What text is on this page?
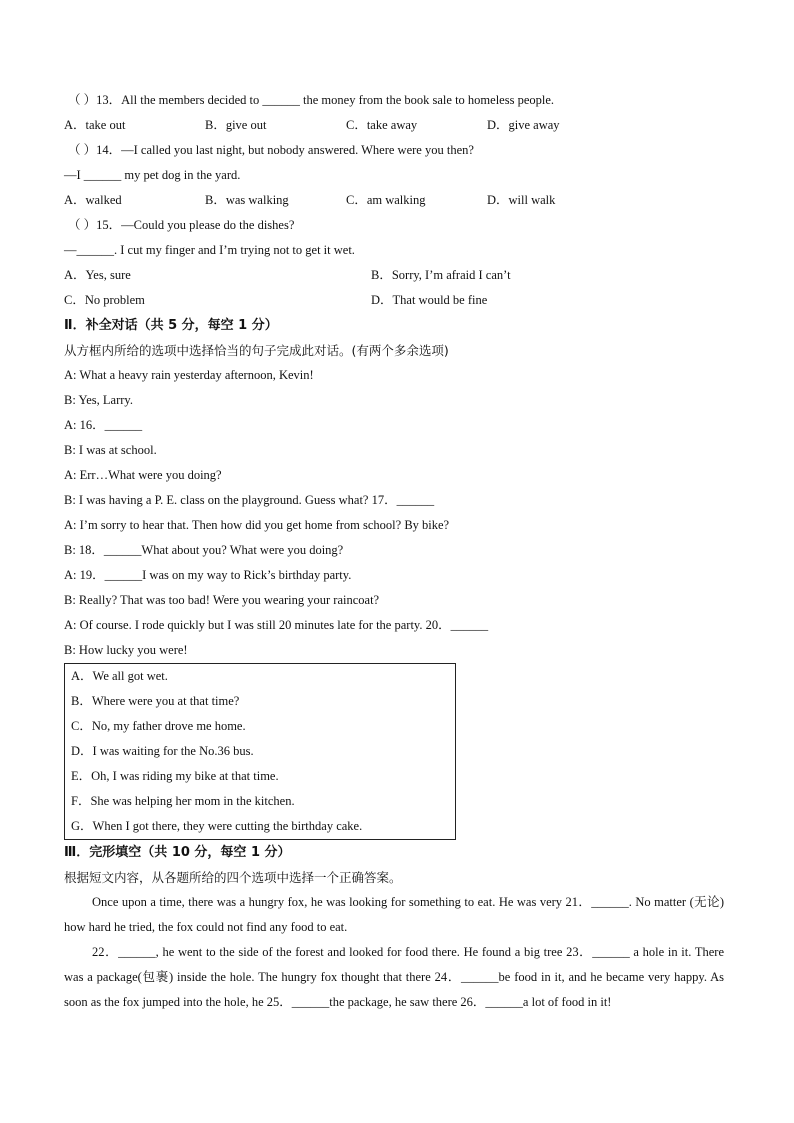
（ ）13．All the members decided to ______ the money from the book sale to homeless people.
A．take out	B．give out	C．take away	D．give away
（ ）14．—I called you last night, but nobody answered. Where were you then?
—I ______ my pet dog in the yard.
A．walked	B．was walking	C．am walking	D．will walk
（ ）15．—Could you please do the dishes?
—______. I cut my finger and I’m trying not to get it wet.
A．Yes, sure	B．Sorry, I’m afraid I can’t
C．No problem	D．That would be fine
Ⅱ．补全对话（共 5 分，每空 1 分）
从方框内所给的选项中选择恰当的句子完成此对话。(有两个多余选项)
A: What a heavy rain yesterday afternoon, Kevin!
B: Yes, Larry.
A: 16．______
B: I was at school.
A: Err…What were you doing?
B: I was having a P. E. class on the playground. Guess what? 17．______
A: I’m sorry to hear that. Then how did you get home from school? By bike?
B: 18．______What about you? What were you doing?
A: 19．______I was on my way to Rick’s birthday party.
B: Really? That was too bad! Were you wearing your raincoat?
A: Of course. I rode quickly but I was still 20 minutes late for the party. 20．______
B: How lucky you were!
A．We all got wet.
B．Where were you at that time?
C．No, my father drove me home.
D．I was waiting for the No.36 bus.
E．Oh, I was riding my bike at that time.
F．She was helping her mom in the kitchen.
G．When I got there, they were cutting the birthday cake.
Ⅲ．完形填空（共 10 分，每空 1 分）
根据短文内容，从各题所给的四个选项中选择一个正确答案。
Once upon a time, there was a hungry fox, he was looking for something to eat. He was very 21．______. No matter (无论) how hard he tried, the fox could not find any food to eat.
22．______, he went to the side of the forest and looked for food there. He found a big tree 23．______ a hole in it. There was a package(包裹) inside the hole. The hungry fox thought that there 24．______be food in it, and he became very happy. As soon as the fox jumped into the hole, he 25．______the package, he saw there 26．______a lot of food in it!
